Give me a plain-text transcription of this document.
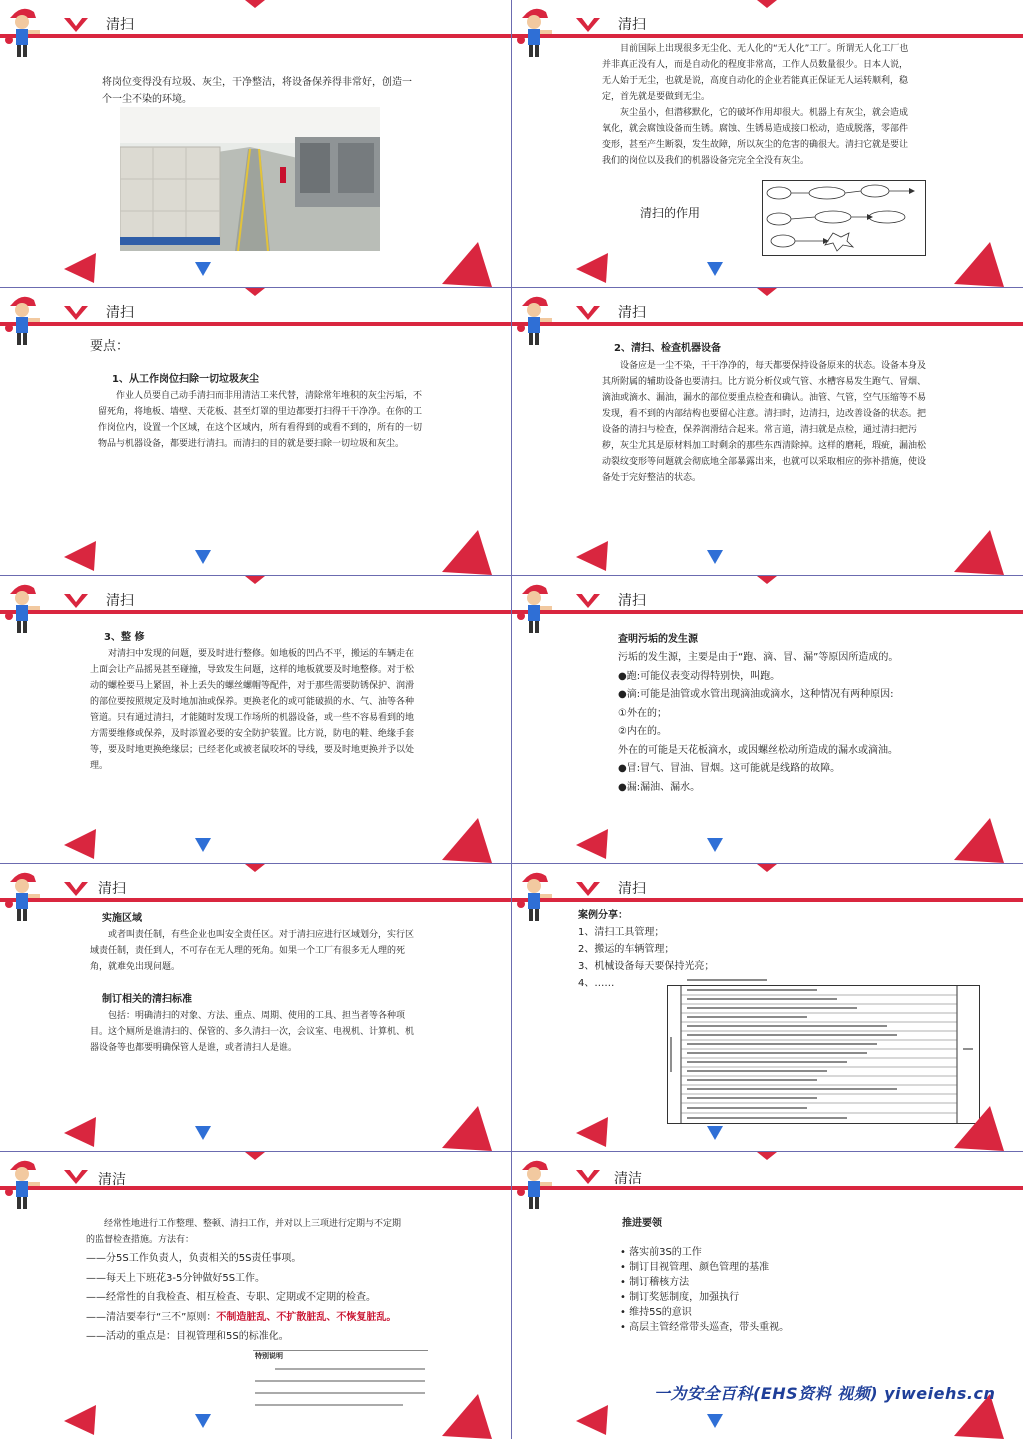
清扫

将岗位变得没有垃圾、灰尘，干净整洁，将设备保养得非常好，创造一个一尘不染的环境。

清扫

目前国际上出现很多无尘化、无人化的“无人化”工厂。所谓无人化工厂也并非真正没有人，而是自动化的程度非常高，工作人员数量很少。日本人说，无人始于无尘，也就是说，高度自动化的企业若能真正保证无人运转顺利，稳定，首先就是要做到无尘。

灰尘虽小，但潜移默化，它的破坏作用却很大。机器上有灰尘，就会造成氧化，就会腐蚀设备而生锈。腐蚀、生锈易造成接口松动，造成脱落，零部件变形，甚至产生断裂，发生故障，所以灰尘的危害的确很大。清扫它就是要让我们的岗位以及我们的机器设备完完全全没有灰尘。

清扫的作用
清扫
要点：
1、从工作岗位扫除一切垃圾灰尘

作业人员要自己动手清扫而非用清洁工来代替，清除常年堆积的灰尘污垢，不留死角，将地板、墙壁、天花板、甚至灯罩的里边都要打扫得干干净净。在你的工作岗位内，设置一个区域，在这个区域内，所有看得到的或看不到的，所有的一切物品与机器设备，都要进行清扫。而清扫的目的就是要扫除一切垃圾和灰尘。

清扫
2、清扫、检查机器设备

设备应是一尘不染，干干净净的，每天都要保持设备原来的状态。设备本身及其所附属的辅助设备也要清扫。比方说分析仪或气管、水槽容易发生跑气、冒烟、滴油或滴水、漏油，漏水的部位要重点检查和确认。油管、气管，空气压缩等不易发现，看不到的内部结构也要留心注意。清扫时，边清扫，边改善设备的状态。把设备的清扫与检查，保养润滑结合起来。常言道，清扫就是点检，通过清扫把污秽，灰尘尤其是原材料加工时剩余的那些东西清除掉。这样的磨耗，瑕疵，漏油松动裂纹变形等问题就会彻底地全部暴露出来，也就可以采取相应的弥补措施，使设备处于完好整洁的状态。

清扫
3、整 修

对清扫中发现的问题，要及时进行整修。如地板的凹凸不平，搬运的车辆走在上面会让产品摇晃甚至碰撞，导致发生问题，这样的地板就要及时地整修。对于松动的螺栓要马上紧固，补上丢失的螺丝螺帽等配件，对于那些需要防锈保护、润滑的部位要按照规定及时地加油或保养。更换老化的或可能破损的水、气、油等各种管道。只有通过清扫，才能随时发现工作场所的机器设备，或一些不容易看到的地方需要维修或保养，及时添置必要的安全防护装置。比方说，防电的鞋、绝缘手套等，要及时地更换绝缘层；已经老化或被老鼠咬坏的导线，要及时地更换并予以处理。

清扫
查明污垢的发生源

污垢的发生源，主要是由于“跑、滴、冒、漏”等原因所造成的。

●跑:可能仪表变动得特别快，叫跑。

●滴:可能是油管或水管出现滴油或滴水，这种情况有两种原因:

①外在的；

②内在的。

外在的可能是天花板滴水，或因螺丝松动所造成的漏水或滴油。

●冒:冒气、冒油、冒烟。这可能就是线路的故障。

●漏:漏油、漏水。

清扫
实施区域

或者叫责任制，有些企业也叫安全责任区。对于清扫应进行区域划分，实行区域责任制，责任到人，不可存在无人理的死角。如果一个工厂有很多无人理的死角，就难免出现问题。

制订相关的清扫标准

包括：明确清扫的对象、方法、重点、周期、使用的工具、担当者等各种项目。这个厕所是谁清扫的、保管的、多久清扫一次，会议室、电视机、计算机、机器设备等也都要明确保管人是谁，或者清扫人是谁。

清扫
案例分享：

1、清扫工具管理；

2、搬运的车辆管理；

3、机械设备每天要保持光亮；

4、……

清洁

经常性地进行工作整理、整顿、清扫工作，并对以上三项进行定期与不定期的监督检查措施。方法有：

——分5S工作负责人，负责相关的5S责任事项。

——每天上下班花3-5分钟做好5S工作。

——经常性的自我检查、相互检查、专职、定期或不定期的检查。

——清洁要奉行“三不”原则：不制造脏乱、不扩散脏乱、不恢复脏乱。

——活动的重点是：目视管理和5S的标准化。

特别说明
清洁
推进要领

• 落实前3S的工作

• 制订目视管理、颜色管理的基准

• 制订稽核方法

• 制订奖惩制度，加强执行

• 维持5S的意识

• 高层主管经常带头巡查，带头重视。

一为安全百科(EHS资料 视频) yiweiehs.cn
